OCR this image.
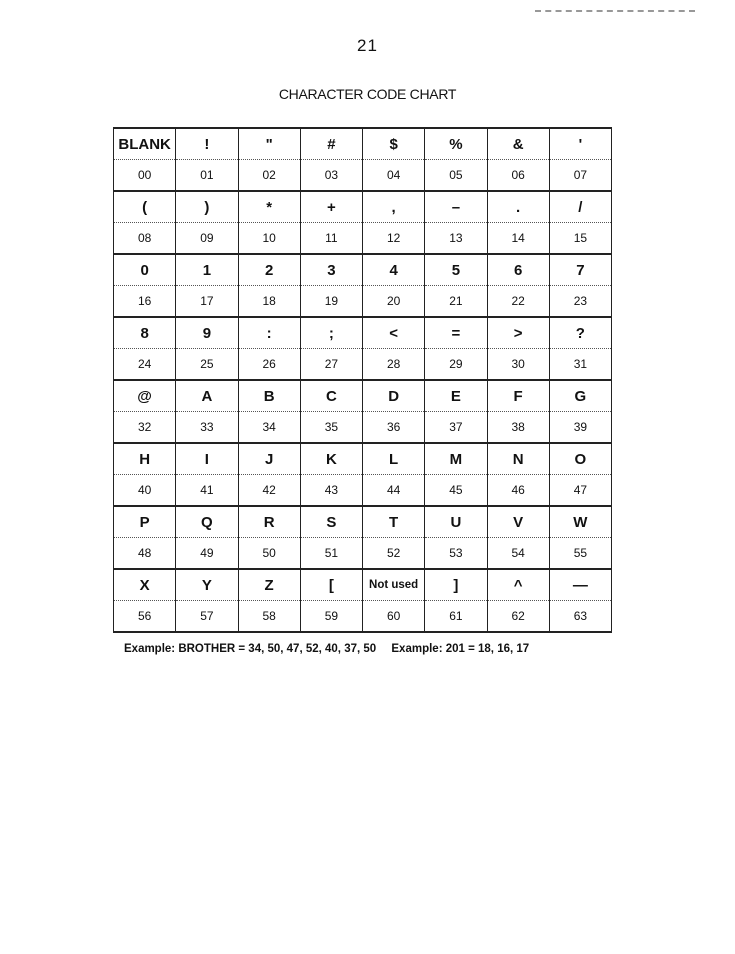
21
CHARACTER CODE CHART
BLANK	!	"	#	$	%	&	'
00	01	02	03	04	05	06	07
(	)	*	+	,	–	.	/
08	09	10	11	12	13	14	15
0	1	2	3	4	5	6	7
16	17	18	19	20	21	22	23
8	9	:	;	<	=	>	?
24	25	26	27	28	29	30	31
@	A	B	C	D	E	F	G
32	33	34	35	36	37	38	39
H	I	J	K	L	M	N	O
40	41	42	43	44	45	46	47
P	Q	R	S	T	U	V	W
48	49	50	51	52	53	54	55
X	Y	Z	[	Not used	]	^	—
56	57	58	59	60	61	62	63
Example: BROTHER = 34, 50, 47, 52, 40, 37, 50 Example: 201 = 18, 16, 17
